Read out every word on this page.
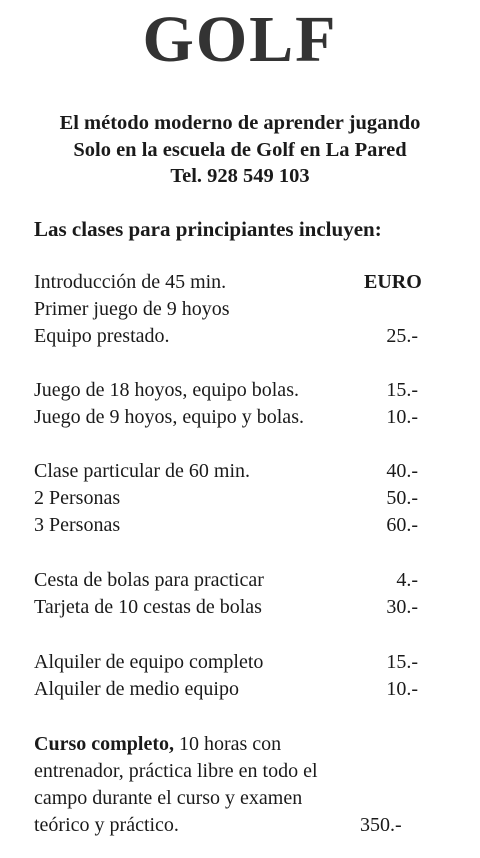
GOLF
El método moderno de aprender jugando
Solo en la escuela de Golf en La Pared
Tel. 928 549 103
Las clases para principiantes incluyen:
EURO
Introducción de 45 min.
Primer juego de 9 hoyos
Equipo prestado.	25.-
Juego de 18 hoyos, equipo bolas.	15.-
Juego de 9 hoyos, equipo y bolas.	10.-
Clase particular de 60 min.	40.-
2 Personas	50.-
3 Personas	60.-
Cesta de bolas para practicar	4.-
Tarjeta de 10 cestas de bolas	30.-
Alquiler de equipo completo	15.-
Alquiler de medio equipo	10.-
Curso completo, 10 horas con entrenador, práctica libre en todo el campo durante el curso y examen teórico y práctico.	350.-
